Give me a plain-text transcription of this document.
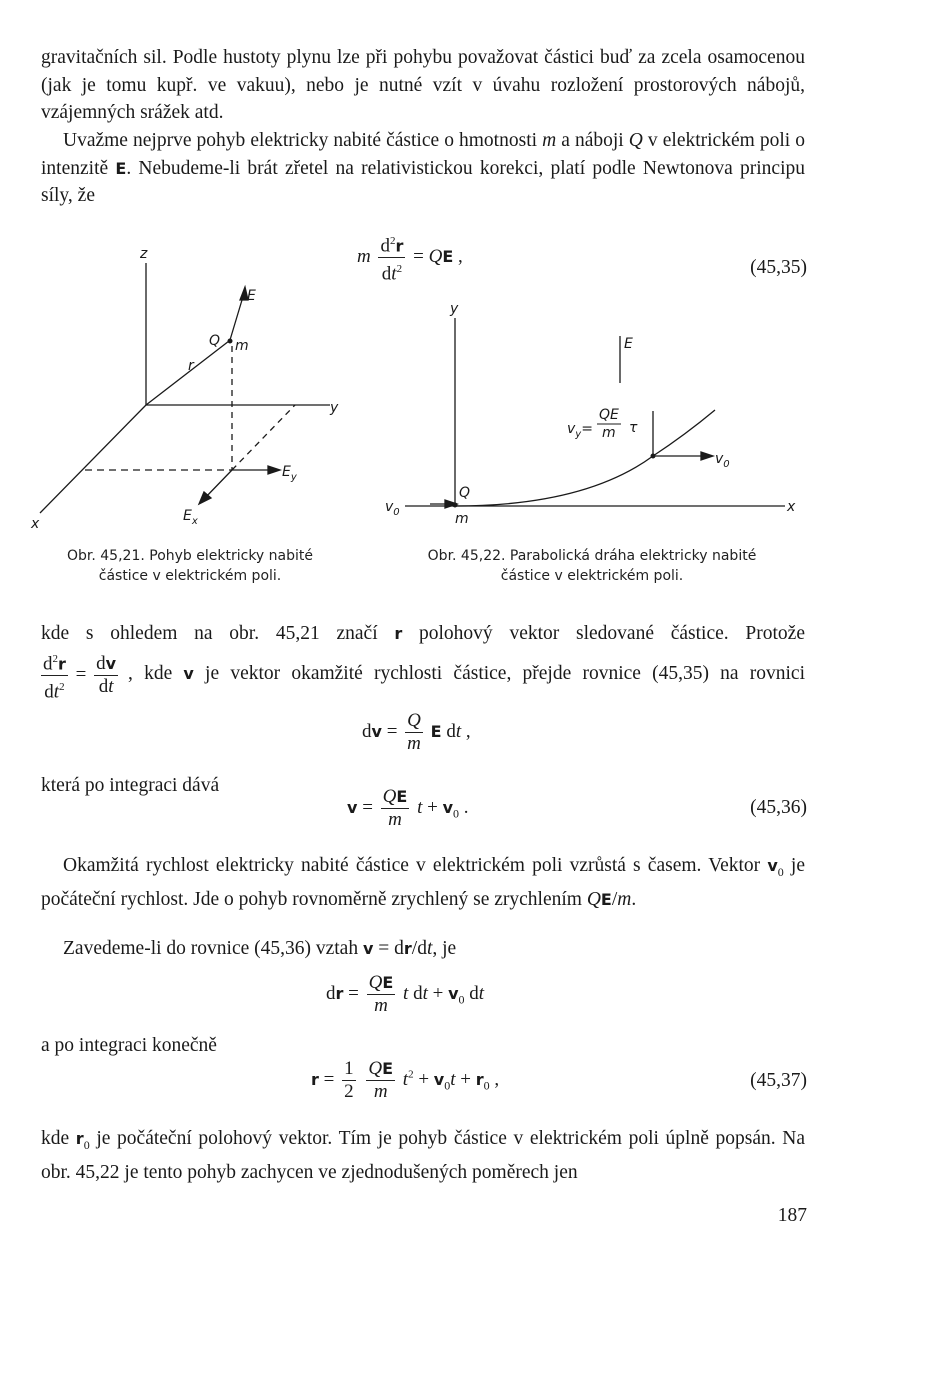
gravitačních sil. Podle hustoty plynu lze při pohybu považovat částici buď za zcela osamocenou (jak je tomu kupř. ve vakuu), nebo je nutné vzít v úvahu rozložení prostorových nábojů, vzájemných srážek atd.

Uvažme nejprve pohyb elektricky nabité částice o hmotnosti m a náboji Q v elektrickém poli o intenzitě E. Nebudeme-li brát zřetel na relativistickou korekci, platí podle Newtonova principu síly, že

m $\frac{d^2r}{dt^2}$ = QE ,
(45,35)
z
y
x
E
Q m
r
$E_y$
$E_x$
y
x
E
Q
m
$v_0$
$v_0$
$v_y=$
QE
m τ
Obr. 45,21. Pohyb elektricky nabité
částice v elektrickém poli.
Obr. 45,22. Parabolická dráha elektricky nabité
částice v elektrickém poli.
kde s ohledem na obr. 45,21 značí r polohový vektor sledované částice. Protože
$\frac{d^2r}{dt^2} = \frac{dv}{dt}$ , kde v je vektor okamžité rychlosti částice, přejde rovnice (45,35) na rovnici
dv = $\frac{Q}{m}$ E dt ,
která po integraci dává
$v = \frac{QE}{m}$ $t + v_0$ .	(45,36)

Okamžitá rychlost elektricky nabité částice v elektrickém poli vzrůstá s časem. Vektor $v_0$ je počáteční rychlost. Jde o pohyb rovnoměrně zrychlený se zrychlením QE/m.

Zavedeme-li do rovnice (45,36) vztah v = dr/dt, je

dr = $\frac{QE}{m}$ t dt + $v_0$ dt
a po integraci konečně
$r = \frac{1}{2}$
$\frac{QE}{m} t^2 + v_0t + r_0$ ,	(45,37)

kde $r_0$ je počáteční polohový vektor. Tím je pohyb částice v elektrickém poli úplně popsán. Na obr. 45,22 je tento pohyb zachycen ve zjednodušených poměrech jen

187
